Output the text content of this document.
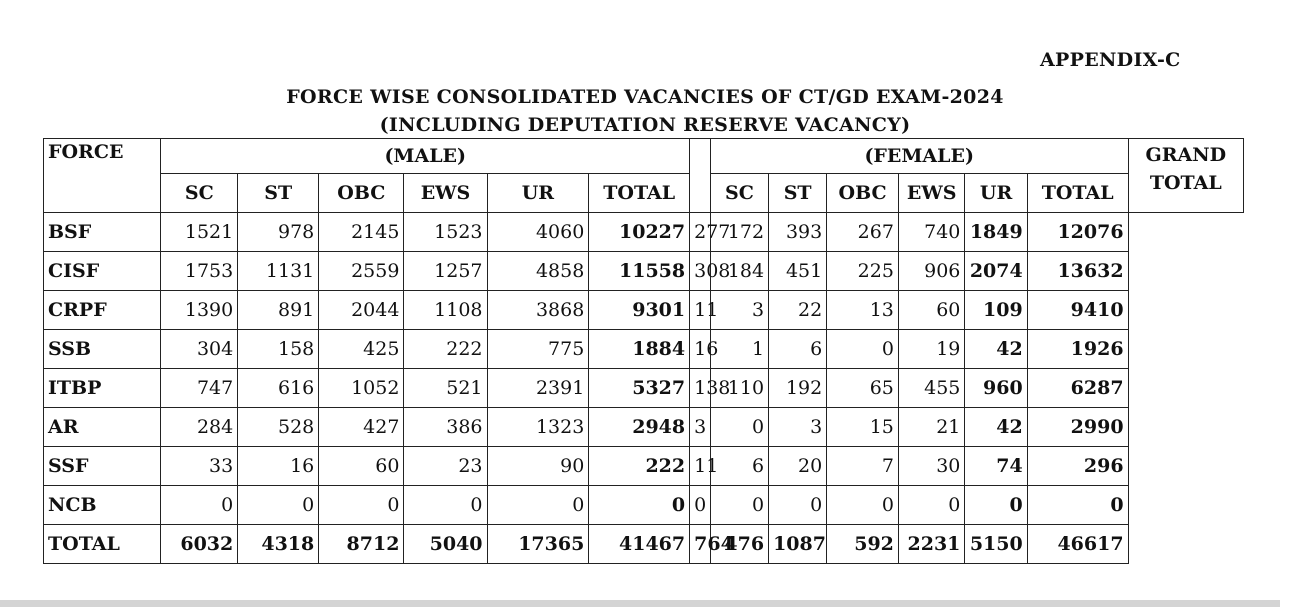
APPENDIX-C
FORCE WISE CONSOLIDATED VACANCIES OF CT/GD EXAM-2024
(INCLUDING DEPUTATION RESERVE VACANCY)
FORCE	(MALE)							(FEMALE)						GRAND TOTAL
	SC	ST	OBC	EWS	UR	TOTAL		SC	ST	OBC	EWS	UR	TOTAL	
BSF	1521	978	2145	1523	4060	10227	277	172	393	267	740	1849	12076	
CISF	1753	1131	2559	1257	4858	11558	308	184	451	225	906	2074	13632	
CRPF	1390	891	2044	1108	3868	9301	11	3	22	13	60	109	9410	
SSB	304	158	425	222	775	1884	16	1	6	0	19	42	1926	
ITBP	747	616	1052	521	2391	5327	138	110	192	65	455	960	6287	
AR	284	528	427	386	1323	2948	3	0	3	15	21	42	2990	
SSF	33	16	60	23	90	222	11	6	20	7	30	74	296	
NCB	0	0	0	0	0	0	0	0	0	0	0	0	0	
TOTAL	6032	4318	8712	5040	17365	41467	764	476	1087	592	2231	5150	46617	
